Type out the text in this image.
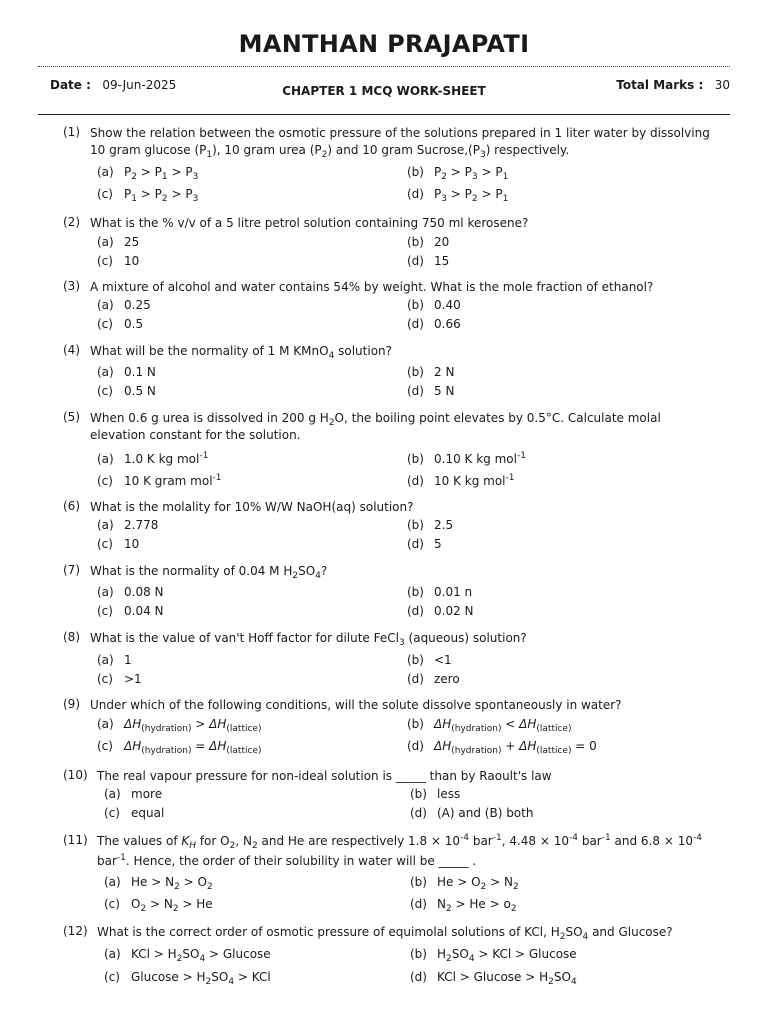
MANTHAN PRAJAPATI
Date : 09-Jun-2025	CHAPTER 1 MCQ WORK-SHEET	Total Marks : 30
(1) Show the relation between the osmotic pressure of the solutions prepared in 1 liter water by dissolving 10 gram glucose $(P_1)$, 10 gram urea $(P_2)$ and 10 gram $Sucrose,(P_3)$ respectively.
(a) $P_2 > P_1 > P_3$	(b) $P_2 > P_3 > P_1$
(c) $P_1 > P_2 > P_3$	(d) $P_3 > P_2 > P_1$
(2) What is the % v/v of a 5 litre petrol solution containing 750 ml kerosene?
(a) 25	(b) 20
(c) 10	(d) 15
(3) A mixture of alcohol and water contains 54% by weight. What is the mole fraction of ethanol?
(a) 0.25	(b) 0.40
(c) 0.5	(d) 0.66
(4) What will be the normality of 1 M KMnO$_4$ solution?
(a) 0.1 N	(b) 2 N
(c) 0.5 N	(d) 5 N
(5) When 0.6 g urea is dissolved in 200 g $H_2O$, the boiling point elevates by 0.5°C. Calculate molal elevation constant for the solution.
(a) 1.0 K kg mol$^{-1}$	(b) 0.10 K kg mol$^{-1}$
(c) 10 K gram mol$^{-1}$	(d) 10 K kg mol$^{-1}$
(6) What is the molality for 10% W/W NaOH(aq) solution?
(a) 2.778	(b) 2.5
(c) 10	(d) 5
(7) What is the normality of 0.04 M $H_2SO_4$?
(a) 0.08 N	(b) 0.01 n
(c) 0.04 N	(d) 0.02 N
(8) What is the value of van't Hoff factor for dilute FeCl$_3$ (aqueous) solution?
(a) 1	(b) <1
(c) >1	(d) zero
(9) Under which of the following conditions, will the solute dissolve spontaneously in water?
(a) $\Delta H_{(hydration)} > \Delta H_{(lattice)}$	(b) $\Delta H_{(hydration)} < \Delta H_{(lattice)}$
(c) $\Delta H_{(hydration)} = \Delta H_{(lattice)}$	(d) $\Delta H_{(hydration)} + \Delta H_{(lattice)} = 0$
(10) The real vapour pressure for non-ideal solution is _____ than by Raoult's law
(a) more	(b) less
(c) equal	(d) (A) and (B) both
(11) The values of $K_H$ for $O_2$, $N_2$ and He are respectively $1.8 \times 10^{-4}$ bar$^{-1}$, $4.48 \times 10^{-4}$ bar$^{-1}$ and $6.8 \times 10^{-4}$ bar$^{-1}$. Hence, the order of their solubility in water will be _____ .
(a) $He > N_2 > O_2$	(b) $He > O_2 > N_2$
(c) $O_2 > N_2 > He$	(d) $N_2 > He > o_2$
(12) What is the correct order of osmotic pressure of equimolal solutions of KCl, $H_2SO_4$ and Glucose?
(a) KCl > $H_2SO_4 > Glucose$	(b) $H_2SO_4$ > KCl > Glucose
(c) $Glucose > H_2SO_4$ > KCl	(d) KCl > $Glucose > H_2SO_4$
